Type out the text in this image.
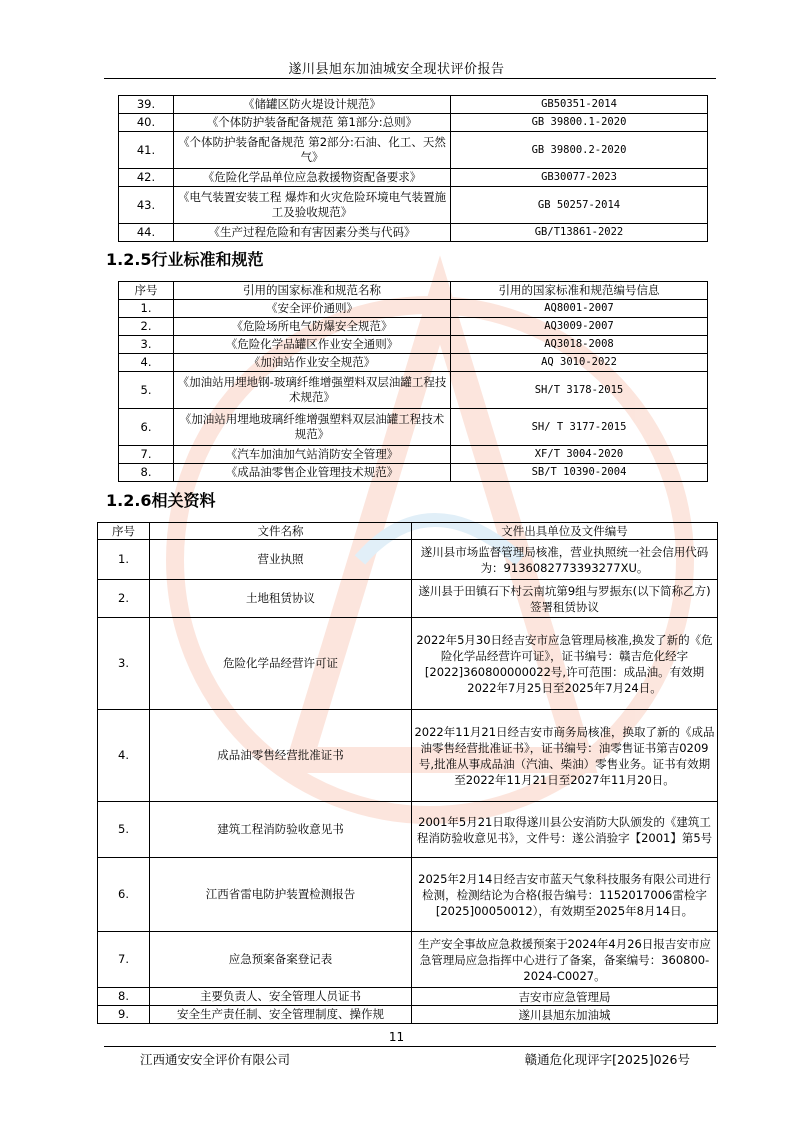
遂川县旭东加油城安全现状评价报告
39.	《储罐区防火堤设计规范》	GB50351-2014
40.	《个体防护装备配备规范 第1部分:总则》	GB 39800.1-2020
41.	《个体防护装备配备规范 第2部分:石油、化工、天然气》	GB 39800.2-2020
42.	《危险化学品单位应急救援物资配备要求》	GB30077-2023
43.	《电气装置安装工程 爆炸和火灾危险环境电气装置施工及验收规范》	GB 50257-2014
44.	《生产过程危险和有害因素分类与代码》	GB/T13861-2022
1.2.5行业标准和规范
序号	引用的国家标准和规范名称	引用的国家标准和规范编号信息
1.	《安全评价通则》	AQ8001-2007
2.	《危险场所电气防爆安全规范》	AQ3009-2007
3.	《危险化学品罐区作业安全通则》	AQ3018-2008
4.	《加油站作业安全规范》	AQ 3010-2022
5.	《加油站用埋地钢-玻璃纤维增强塑料双层油罐工程技术规范》	SH/T 3178-2015
6.	《加油站用埋地玻璃纤维增强塑料双层油罐工程技术规范》	SH/ T 3177-2015
7.	《汽车加油加气站消防安全管理》	XF/T 3004-2020
8.	《成品油零售企业管理技术规范》	SB/T 10390-2004
1.2.6相关资料
序号	文件名称	文件出具单位及文件编号
1.	营业执照	遂川县市场监督管理局核准，营业执照统一社会信用代码为：91360827733932​77XU。
2.	土地租赁协议	遂川县于田镇石下村云南坑第9组与罗振东(以下简称乙方)签署租赁协议
3.	危险化学品经营许可证	2022年5月30日经吉安市应急管理局核准,换发了新的《危险化学品经营许可证》，证书编号：赣吉危化经字[2022]360800000022号,许可范围：成品油。有效期2022年7月25日至2025年7月24日。
4.	成品油零售经营批准证书	2022年11月21日经吉安市商务局核准，换取了新的《成品油零售经营批准证书》，证书编号：油零售证书第吉0209号,批准从事成品油（汽油、柴油）零售业务。证书有效期至2022年11月21日至2027年11月20日。
5.	建筑工程消防验收意见书	2001年5月21日取得遂川县公安消防大队颁发的《建筑工程消防验收意见书》，文件号：遂公消验字【2001】第5号
6.	江西省雷电防护装置检测报告	2025年2月14日经吉安市蓝天气象科技服务有限公司进行检测，检测结论为合格(报告编号：1152017006雷检字[2025]00050012），有效期至2025年8月14日。
7.	应急预案备案登记表	生产安全事故应急救援预案于2024年4月26日报吉安市应急管理局应急指挥中心进行了备案，备案编号：360800-2024-C0027。
8.	主要负责人、安全管理人员证书	吉安市应急管理局
9.	安全生产责任制、安全管理制度、操作规	遂川县旭东加油城
11
江西通安安全评价有限公司	赣通危化现评字[2025]026号
